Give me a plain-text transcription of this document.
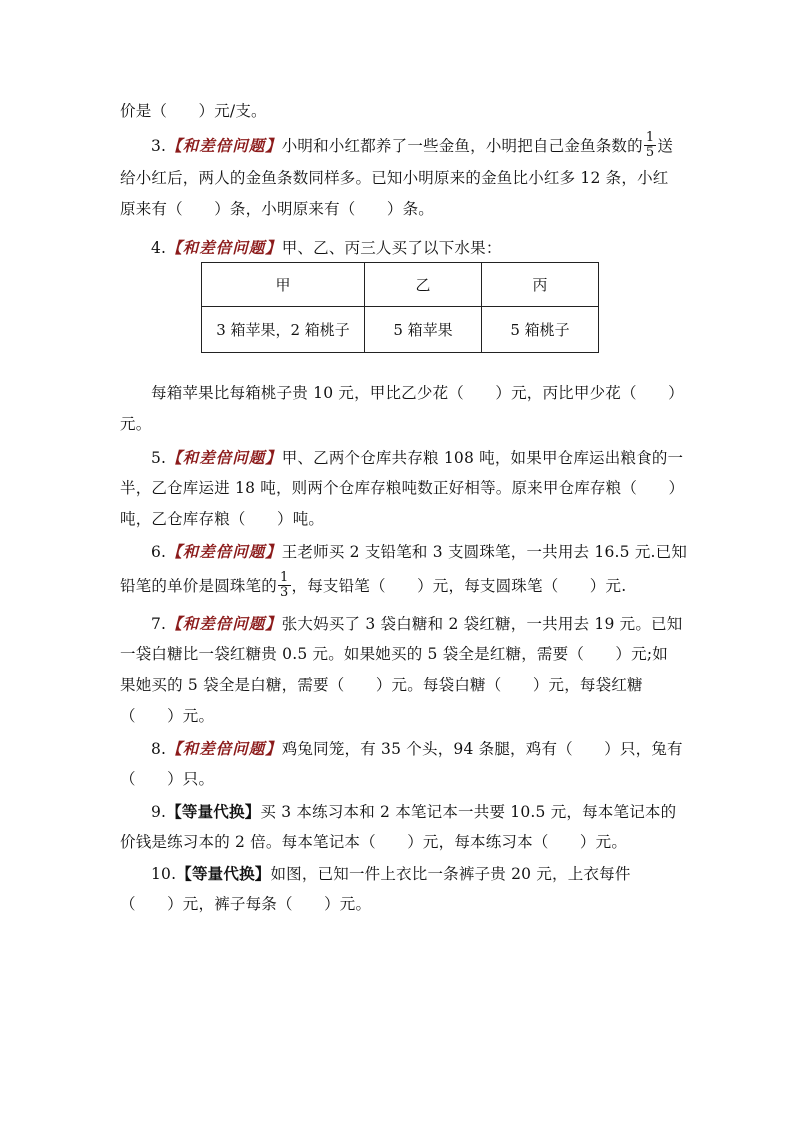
价是（　　）元/支。
3.【和差倍问题】小明和小红都养了一些金鱼，小明把自己金鱼条数的 $\frac{1}{5}$ 送
给小红后，两人的金鱼条数同样多。已知小明原来的金鱼比小红多 12 条，小红
原来有（　　）条，小明原来有（　　）条。
4.【和差倍问题】甲、乙、丙三人买了以下水果：
甲	乙	丙
3 箱苹果，2 箱桃子	5 箱苹果	5 箱桃子
每箱苹果比每箱桃子贵 10 元，甲比乙少花（　　）元，丙比甲少花（　　）
元。
5.【和差倍问题】甲、乙两个仓库共存粮 108 吨，如果甲仓库运出粮食的一
半，乙仓库运进 18 吨，则两个仓库存粮吨数正好相等。原来甲仓库存粮（　　）
吨，乙仓库存粮（　　）吨。
6.【和差倍问题】王老师买 2 支铅笔和 3 支圆珠笔，一共用去 16.5 元.已知
铅笔的单价是圆珠笔的 $\frac{1}{3}$ ，每支铅笔（　　）元，每支圆珠笔（　　）元.
7.【和差倍问题】张大妈买了 3 袋白糖和 2 袋红糖，一共用去 19 元。已知
一袋白糖比一袋红糖贵 0.5 元。如果她买的 5 袋全是红糖，需要（　　）元;如
果她买的 5 袋全是白糖，需要（　　）元。每袋白糖（　　）元，每袋红糖
（　　）元。
8.【和差倍问题】鸡兔同笼，有 35 个头，94 条腿，鸡有（　　）只，兔有
（　　）只。
9.【等量代换】买 3 本练习本和 2 本笔记本一共要 10.5 元，每本笔记本的
价钱是练习本的 2 倍。每本笔记本（　　）元，每本练习本（　　）元。
10.【等量代换】如图，已知一件上衣比一条裤子贵 20 元，上衣每件
（　　）元，裤子每条（　　）元。
